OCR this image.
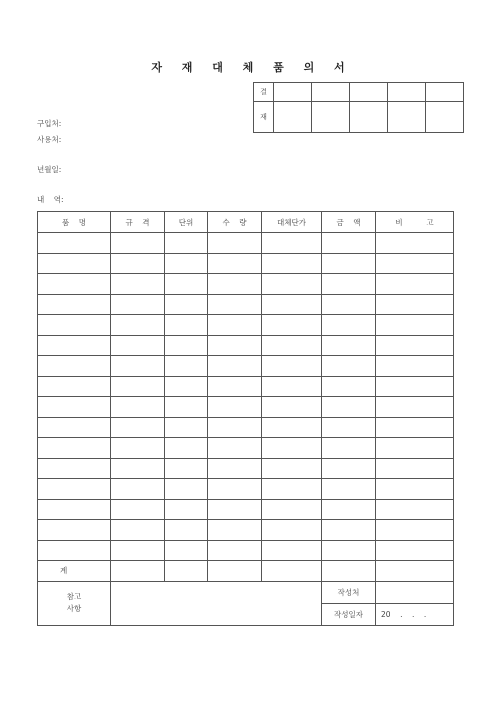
자 재 대 체 품 의 서
결					
재					
구입처:
사용처:
년월일:
내    역:
품    명	규    격	단위	수    량	대체단가	금    액	비          고

계						

참고
사항					작성처	
					작성일자	20    .    .    .
